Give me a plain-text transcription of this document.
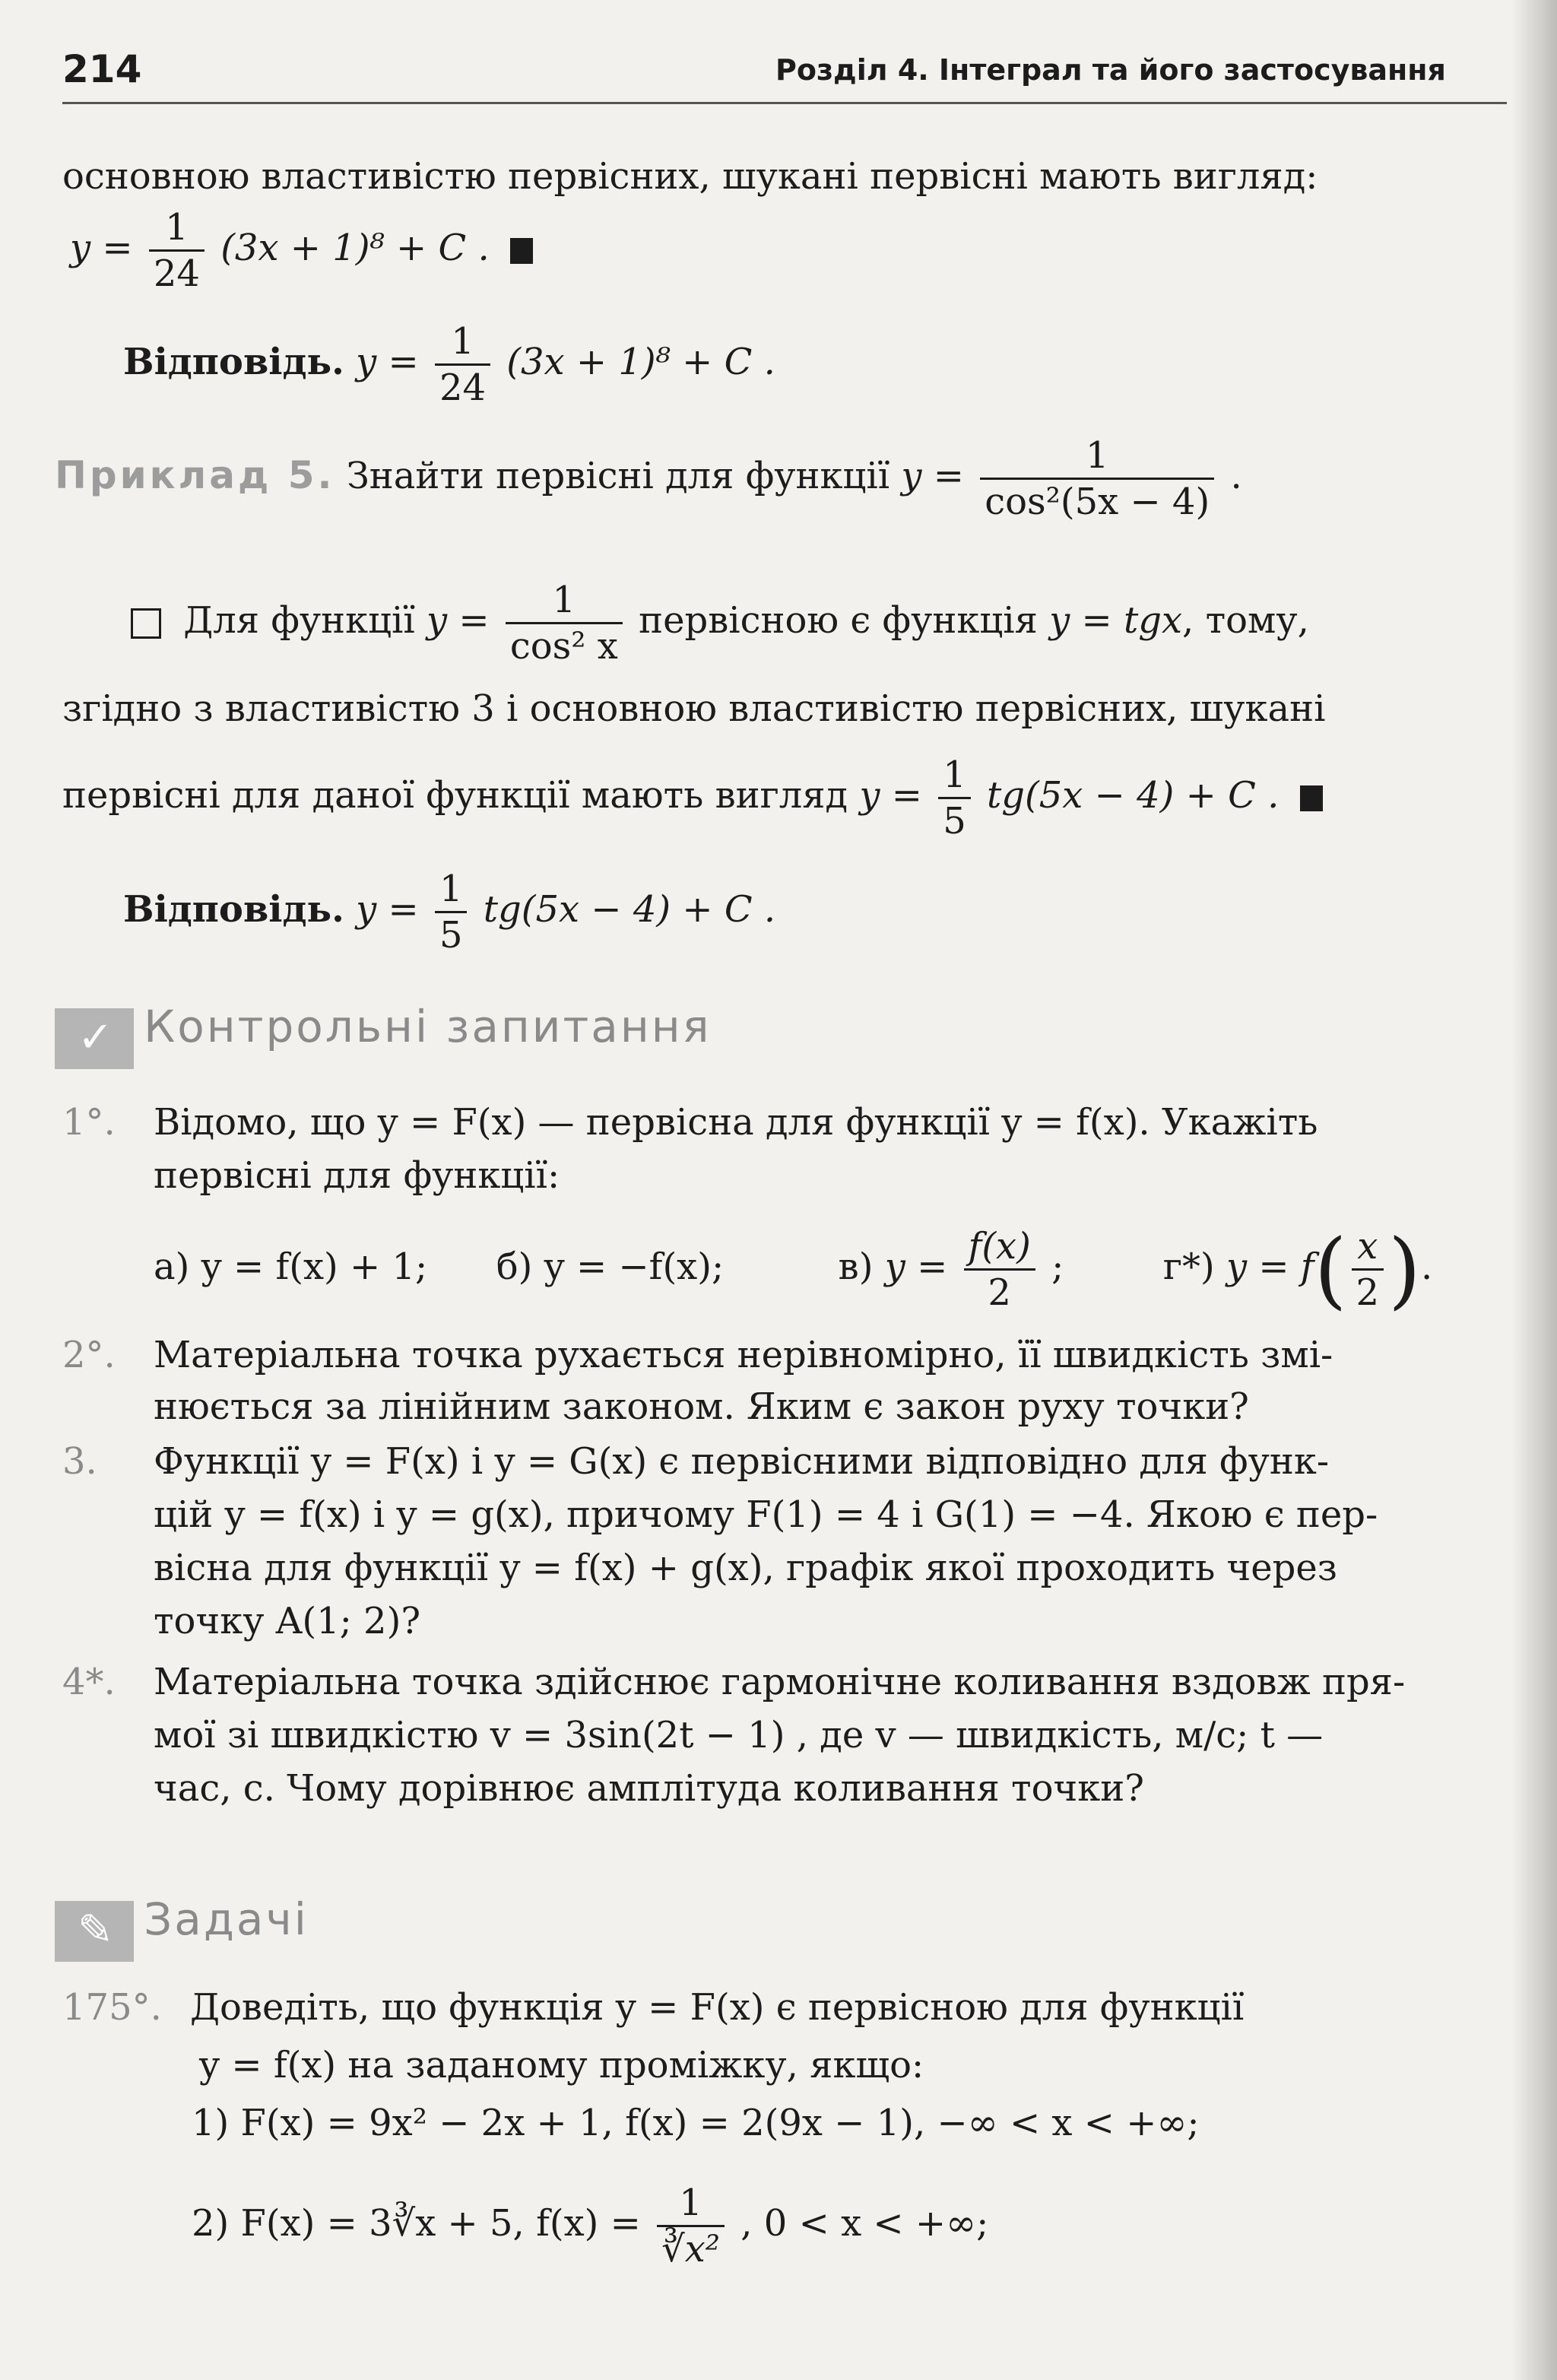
214	Розділ 4. Інтеграл та його застосування
основною властивістю первісних, шукані первісні мають вигляд:
$y = \frac{1}{24} (3x + 1)^8 + C$ .
Відповідь. $y = \frac{1}{24} (3x + 1)^8 + C$ .
Приклад 5. Знайти первісні для функції $y = \frac{1}{\text{cos²(5x − 4)}}$ .
Для функції $y = \frac{1}{\text{cos² x}}$ первісною є функція y = tgx, тому,
згідно з властивістю 3 і основною властивістю первісних, шукані
первісні для даної функції мають вигляд $y = \frac{1}{5} tg(5x - 4) + C$ .
Відповідь. $y = \frac{1}{5} tg(5x - 4) + C$ .
✓ Контрольні запитання
1°. Відомо, що y = F(x) — первісна для функції y = f(x). Укажіть
первісні для функції:
а) y = f(x) + 1; б) y = −f(x);	в) $y = \frac{f(x)}{2}$ ;	г*) $y = f( \frac{x}{2}$ ).
2°. Матеріальна точка рухається нерівномірно, її швидкість змі-
нюється за лінійним законом. Яким є закон руху точки?
3. Функції y = F(x) і y = G(x) є первісними відповідно для функ-
цій y = f(x) і y = g(x), причому F(1) = 4 і G(1) = −4. Якою є пер-
вісна для функції y = f(x) + g(x), графік якої проходить через
точку A(1; 2)?
4*. Матеріальна точка здійснює гармонічне коливання вздовж пря-
мої зі швидкістю v = 3sin(2t − 1) , де v — швидкість, м/с; t —
час, с. Чому дорівнює амплітуда коливання точки?
✎ Задачі
175°. Доведіть, що функція y = F(x) є первісною для функції
y = f(x) на заданому проміжку, якщо:
1) F(x) = 9x² − 2x + 1, f(x) = 2(9x − 1), −∞ < x < +∞;
2) F(x) = 3∛x + 5, $f(x) = \frac{1}{\text{∛x²}}$ , 0 < x < +∞;
